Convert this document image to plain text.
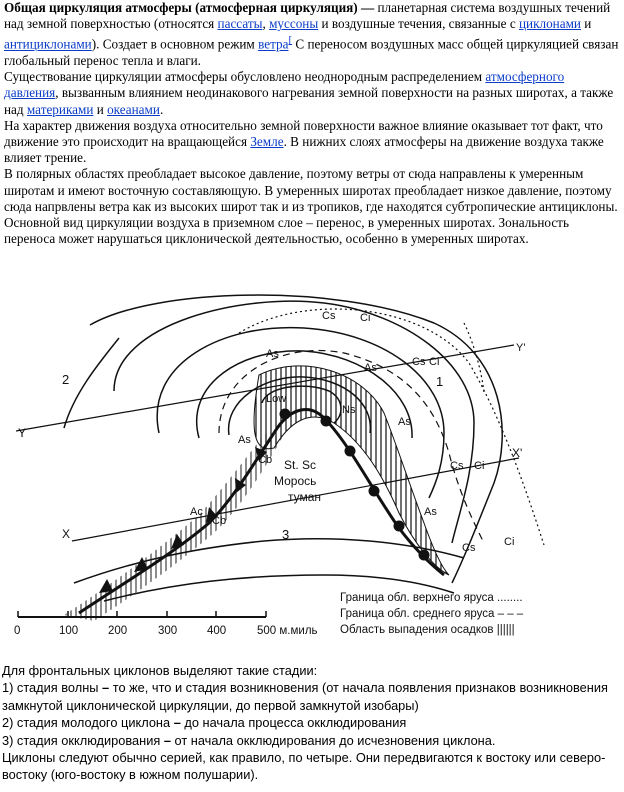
Общая циркуляция атмосферы (атмосферная циркуляция) — планетарная система воздушных течений над земной поверхностью (относятся пассаты, муссоны и воздушные течения, связанные с циклонами и антициклонами). Создает в основном режим ветра[ С переносом воздушных масс общей циркуляцией связан глобальный перенос тепла и влаги.

Существование циркуляции атмосферы обусловлено неоднородным распределением атмосферного давления, вызванным влиянием неодинакового нагревания земной поверхности на разных широтах, а также над материками и океанами.

На характер движения воздуха относительно земной поверхности важное влияние оказывает тот факт, что движение это происходит на вращающейся Земле. В нижних слоях атмосферы на движение воздуха также влияет трение.

В полярных областях преобладает высокое давление, поэтому ветры от сюда направлены к умеренным широтам и имеют восточную составляющую. В умеренных широтах преобладает низкое давление, поэтому сюда напрвлены ветра как из высоких широт так и из тропиков, где находятся субтропические антициклоны. Основной вид циркуляции воздуха в приземном слое – перенос, в умеренных широтах. Зональность переноса может нарушаться циклонической деятельностью, особенно в умеренных широтах.

Cs Ci
Y'
As
Cs Ci
As
2	1
Low
Ns
As
Y	As
Cb	Cs Ci
X'
St. Sc
Морось
туман
Ac
Cb
As
3
X
Cs	Ci
Граница обл. верхнего яруса ........
Граница обл. среднего яруса – – –
Область выпадения осадков ||||||
0	100	200	300	400	500 м.миль

Для фронтальных циклонов выделяют такие стадии:

1) стадия волны – то же, что и стадия возникновения (от начала появления признаков возникновения замкнутой циклонической циркуляции, до первой замкнутой изобары)

2) стадия молодого циклона – до начала процесса окклюдирования

3) стадия окклюдирования – от начала окклюдирования до исчезновения циклона.

Циклоны следуют обычно серией, как правило, по четыре. Они передвигаются к востоку или северо-востоку (юго-востоку в южном полушарии).
